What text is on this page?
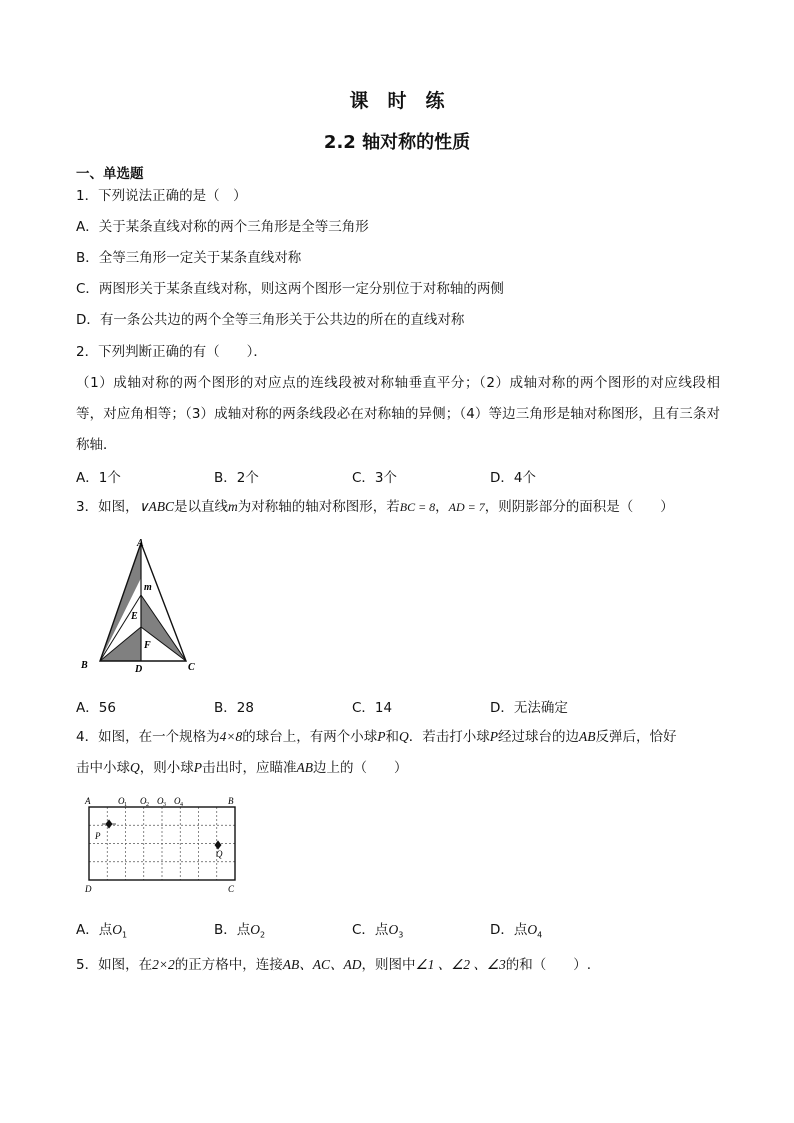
课　时　练
2.2 轴对称的性质
一、单选题
1．下列说法正确的是（　）
A．关于某条直线对称的两个三角形是全等三角形
B．全等三角形一定关于某条直线对称
C．两图形关于某条直线对称，则这两个图形一定分别位于对称轴的两侧
D．有一条公共边的两个全等三角形关于公共边的所在的直线对称
2．下列判断正确的有（　　）．
（1）成轴对称的两个图形的对应点的连线段被对称轴垂直平分；（2）成轴对称的两个图形的对应线段相等，对应角相等；（3）成轴对称的两条线段必在对称轴的异侧；（4）等边三角形是轴对称图形，且有三条对称轴．
A．1个	B．2个	C．3个	D．4个
3．如图，∨ABC是以直线m为对称轴的轴对称图形，若BC = 8，AD = 7，则阴影部分的面积是（　　）
A
m
E
F
B	D	C
A．56	B．28	C．14	D．无法确定
4．如图，在一个规格为4×8的球台上，有两个小球P和Q．若击打小球P经过球台的边AB反弹后，恰好
击中小球Q，则小球P击出时，应瞄准AB边上的（　　）
A	B
C
D
O 1 O 2 O 3 O 4
P
Q
A．点$O_1$	B．点$O_2$	C．点$O_3$	D．点$O_4$
5．如图，在2×2的正方格中，连接AB、AC、AD，则图中∠1 、∠2 、∠3的和（　　）.
